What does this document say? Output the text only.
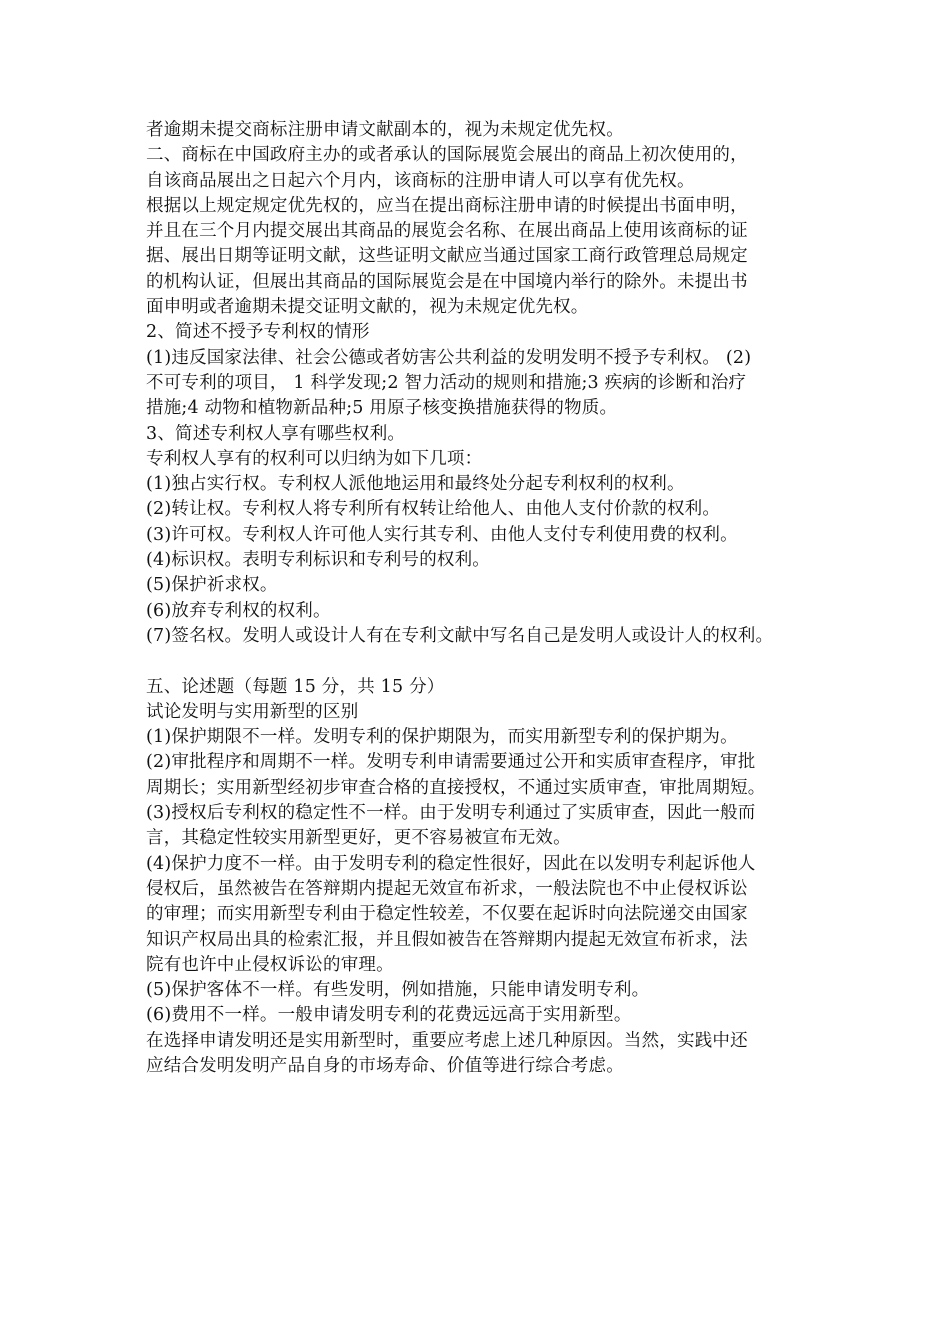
者逾期未提交商标注册申请文献副本的，视为未规定优先权。
二、商标在中国政府主办的或者承认的国际展览会展出的商品上初次使用的，
自该商品展出之日起六个月内，该商标的注册申请人可以享有优先权。
根据以上规定规定优先权的，应当在提出商标注册申请的时候提出书面申明，
并且在三个月内提交展出其商品的展览会名称、在展出商品上使用该商标的证
据、展出日期等证明文献，这些证明文献应当通过国家工商行政管理总局规定
的机构认证，但展出其商品的国际展览会是在中国境内举行的除外。未提出书
面申明或者逾期未提交证明文献的，视为未规定优先权。
2、简述不授予专利权的情形
(1)违反国家法律、社会公德或者妨害公共利益的发明发明不授予专利权。 (2)
不可专利的项目， 1 科学发现;2 智力活动的规则和措施;3 疾病的诊断和治疗
措施;4 动物和植物新品种;5 用原子核变换措施获得的物质。
3、简述专利权人享有哪些权利。
专利权人享有的权利可以归纳为如下几项：
(1)独占实行权。专利权人派他地运用和最终处分起专利权利的权利。
(2)转让权。专利权人将专利所有权转让给他人、由他人支付价款的权利。
(3)许可权。专利权人许可他人实行其专利、由他人支付专利使用费的权利。
(4)标识权。表明专利标识和专利号的权利。
(5)保护祈求权。
(6)放弃专利权的权利。
(7)签名权。发明人或设计人有在专利文献中写名自己是发明人或设计人的权利。
五、论述题（每题 15 分，共 15 分）
试论发明与实用新型的区别
(1)保护期限不一样。发明专利的保护期限为，而实用新型专利的保护期为。
(2)审批程序和周期不一样。发明专利申请需要通过公开和实质审查程序，审批
周期长；实用新型经初步审查合格的直接授权，不通过实质审查，审批周期短。
(3)授权后专利权的稳定性不一样。由于发明专利通过了实质审查，因此一般而
言，其稳定性较实用新型更好，更不容易被宣布无效。
(4)保护力度不一样。由于发明专利的稳定性很好，因此在以发明专利起诉他人
侵权后，虽然被告在答辩期内提起无效宣布祈求，一般法院也不中止侵权诉讼
的审理；而实用新型专利由于稳定性较差，不仅要在起诉时向法院递交由国家
知识产权局出具的检索汇报，并且假如被告在答辩期内提起无效宣布祈求，法
院有也许中止侵权诉讼的审理。
(5)保护客体不一样。有些发明，例如措施，只能申请发明专利。
(6)费用不一样。一般申请发明专利的花费远远高于实用新型。
在选择申请发明还是实用新型时，重要应考虑上述几种原因。当然，实践中还
应结合发明发明产品自身的市场寿命、价值等进行综合考虑。
